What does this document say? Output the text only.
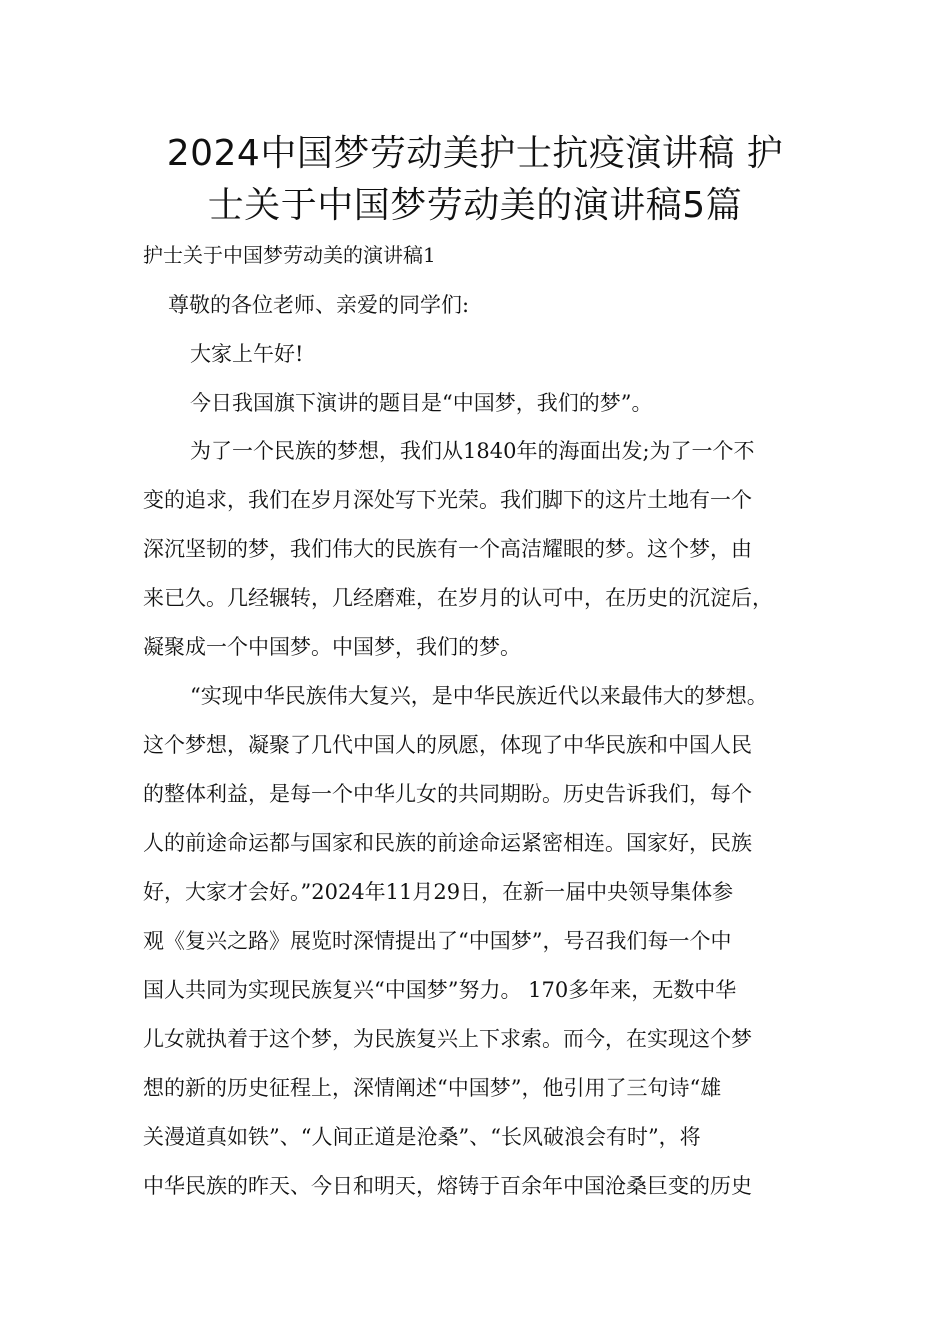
2024中国梦劳动美护士抗疫演讲稿 护
士关于中国梦劳动美的演讲稿5篇

护士关于中国梦劳动美的演讲稿1

尊敬的各位老师、亲爱的同学们:

大家上午好!

今日我国旗下演讲的题目是“中国梦，我们的梦”。

为了一个民族的梦想，我们从1840年的海面出发;为了一个不

变的追求，我们在岁月深处写下光荣。我们脚下的这片土地有一个

深沉坚韧的梦，我们伟大的民族有一个高洁耀眼的梦。这个梦，由

来已久。几经辗转，几经磨难，在岁月的认可中，在历史的沉淀后，

凝聚成一个中国梦。中国梦，我们的梦。

“实现中华民族伟大复兴，是中华民族近代以来最伟大的梦想。

这个梦想，凝聚了几代中国人的夙愿，体现了中华民族和中国人民

的整体利益，是每一个中华儿女的共同期盼。历史告诉我们，每个

人的前途命运都与国家和民族的前途命运紧密相连。国家好，民族

好，大家才会好。”2024年11月29日，在新一届中央领导集体参

观《复兴之路》展览时深情提出了“中国梦”，号召我们每一个中

国人共同为实现民族复兴“中国梦”努力。 170多年来，无数中华

儿女就执着于这个梦，为民族复兴上下求索。而今，在实现这个梦

想的新的历史征程上，深情阐述“中国梦”，他引用了三句诗“雄

关漫道真如铁”、“人间正道是沧桑”、“长风破浪会有时”，将

中华民族的昨天、今日和明天，熔铸于百余年中国沧桑巨变的历史
